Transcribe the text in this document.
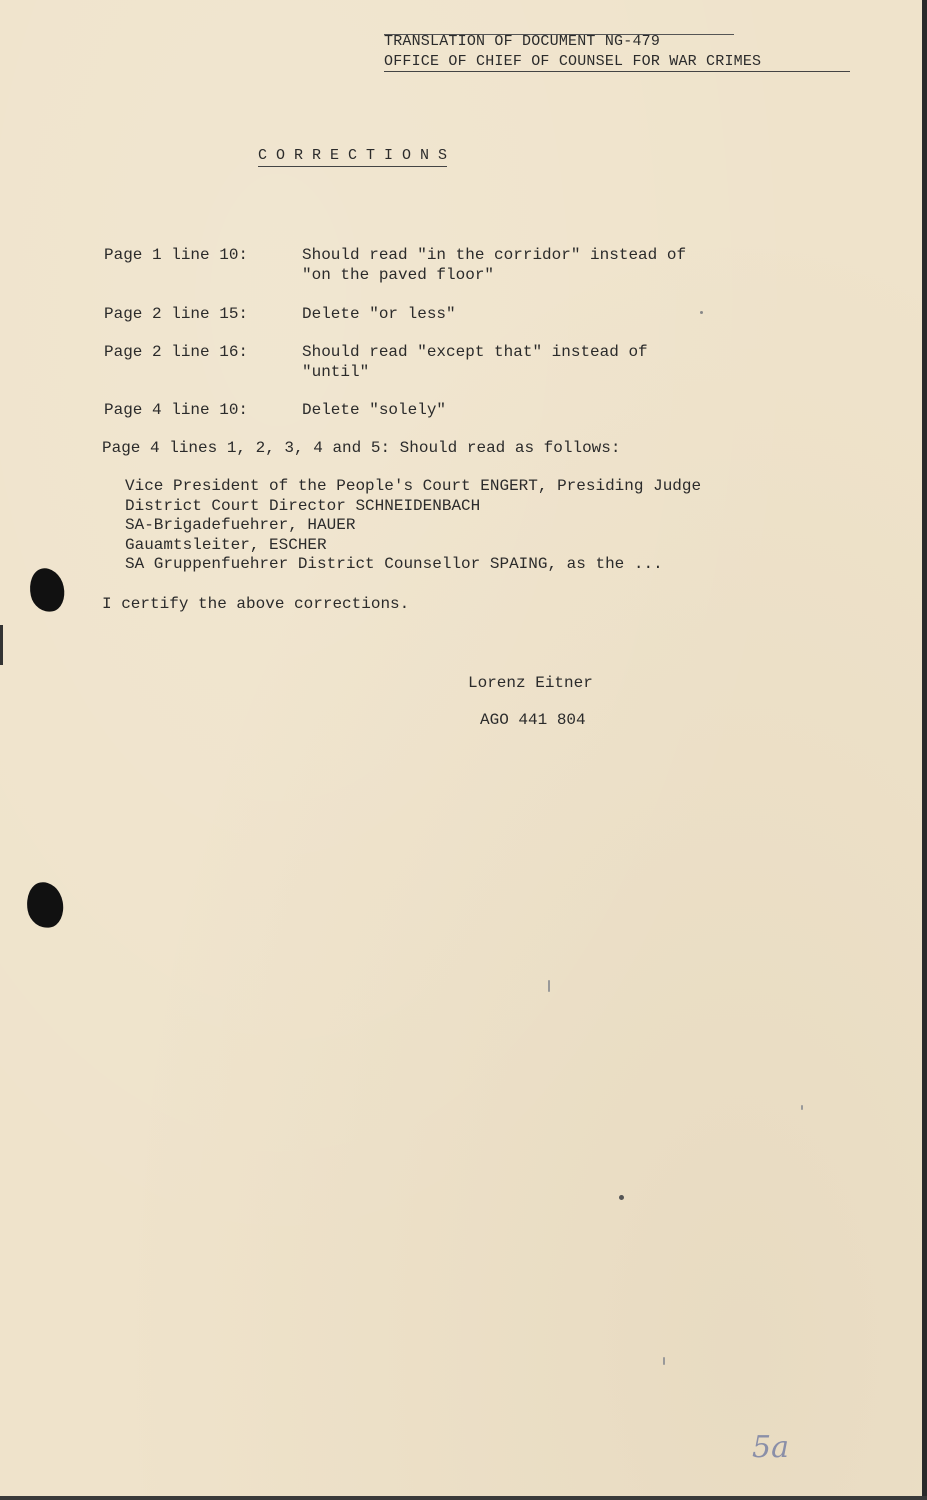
TRANSLATION OF DOCUMENT NG-479
OFFICE OF CHIEF OF COUNSEL FOR WAR CRIMES
C O R R E C T I O N S
Page 1 line 10:	Should read "in the corridor" instead of
"on the paved floor"
Page 2 line 15:	Delete "or less"
Page 2 line 16:	Should read "except that" instead of
"until"
Page 4 line 10:	Delete "solely"
Page 4 lines 1, 2, 3, 4 and 5: Should read as follows:
Vice President of the People's Court ENGERT, Presiding Judge
District Court Director SCHNEIDENBACH
SA-Brigadefuehrer, HAUER
Gauamtsleiter, ESCHER
SA Gruppenfuehrer District Counsellor SPAING, as the ...
I certify the above corrections.
Lorenz Eitner
AGO 441 804
5a
